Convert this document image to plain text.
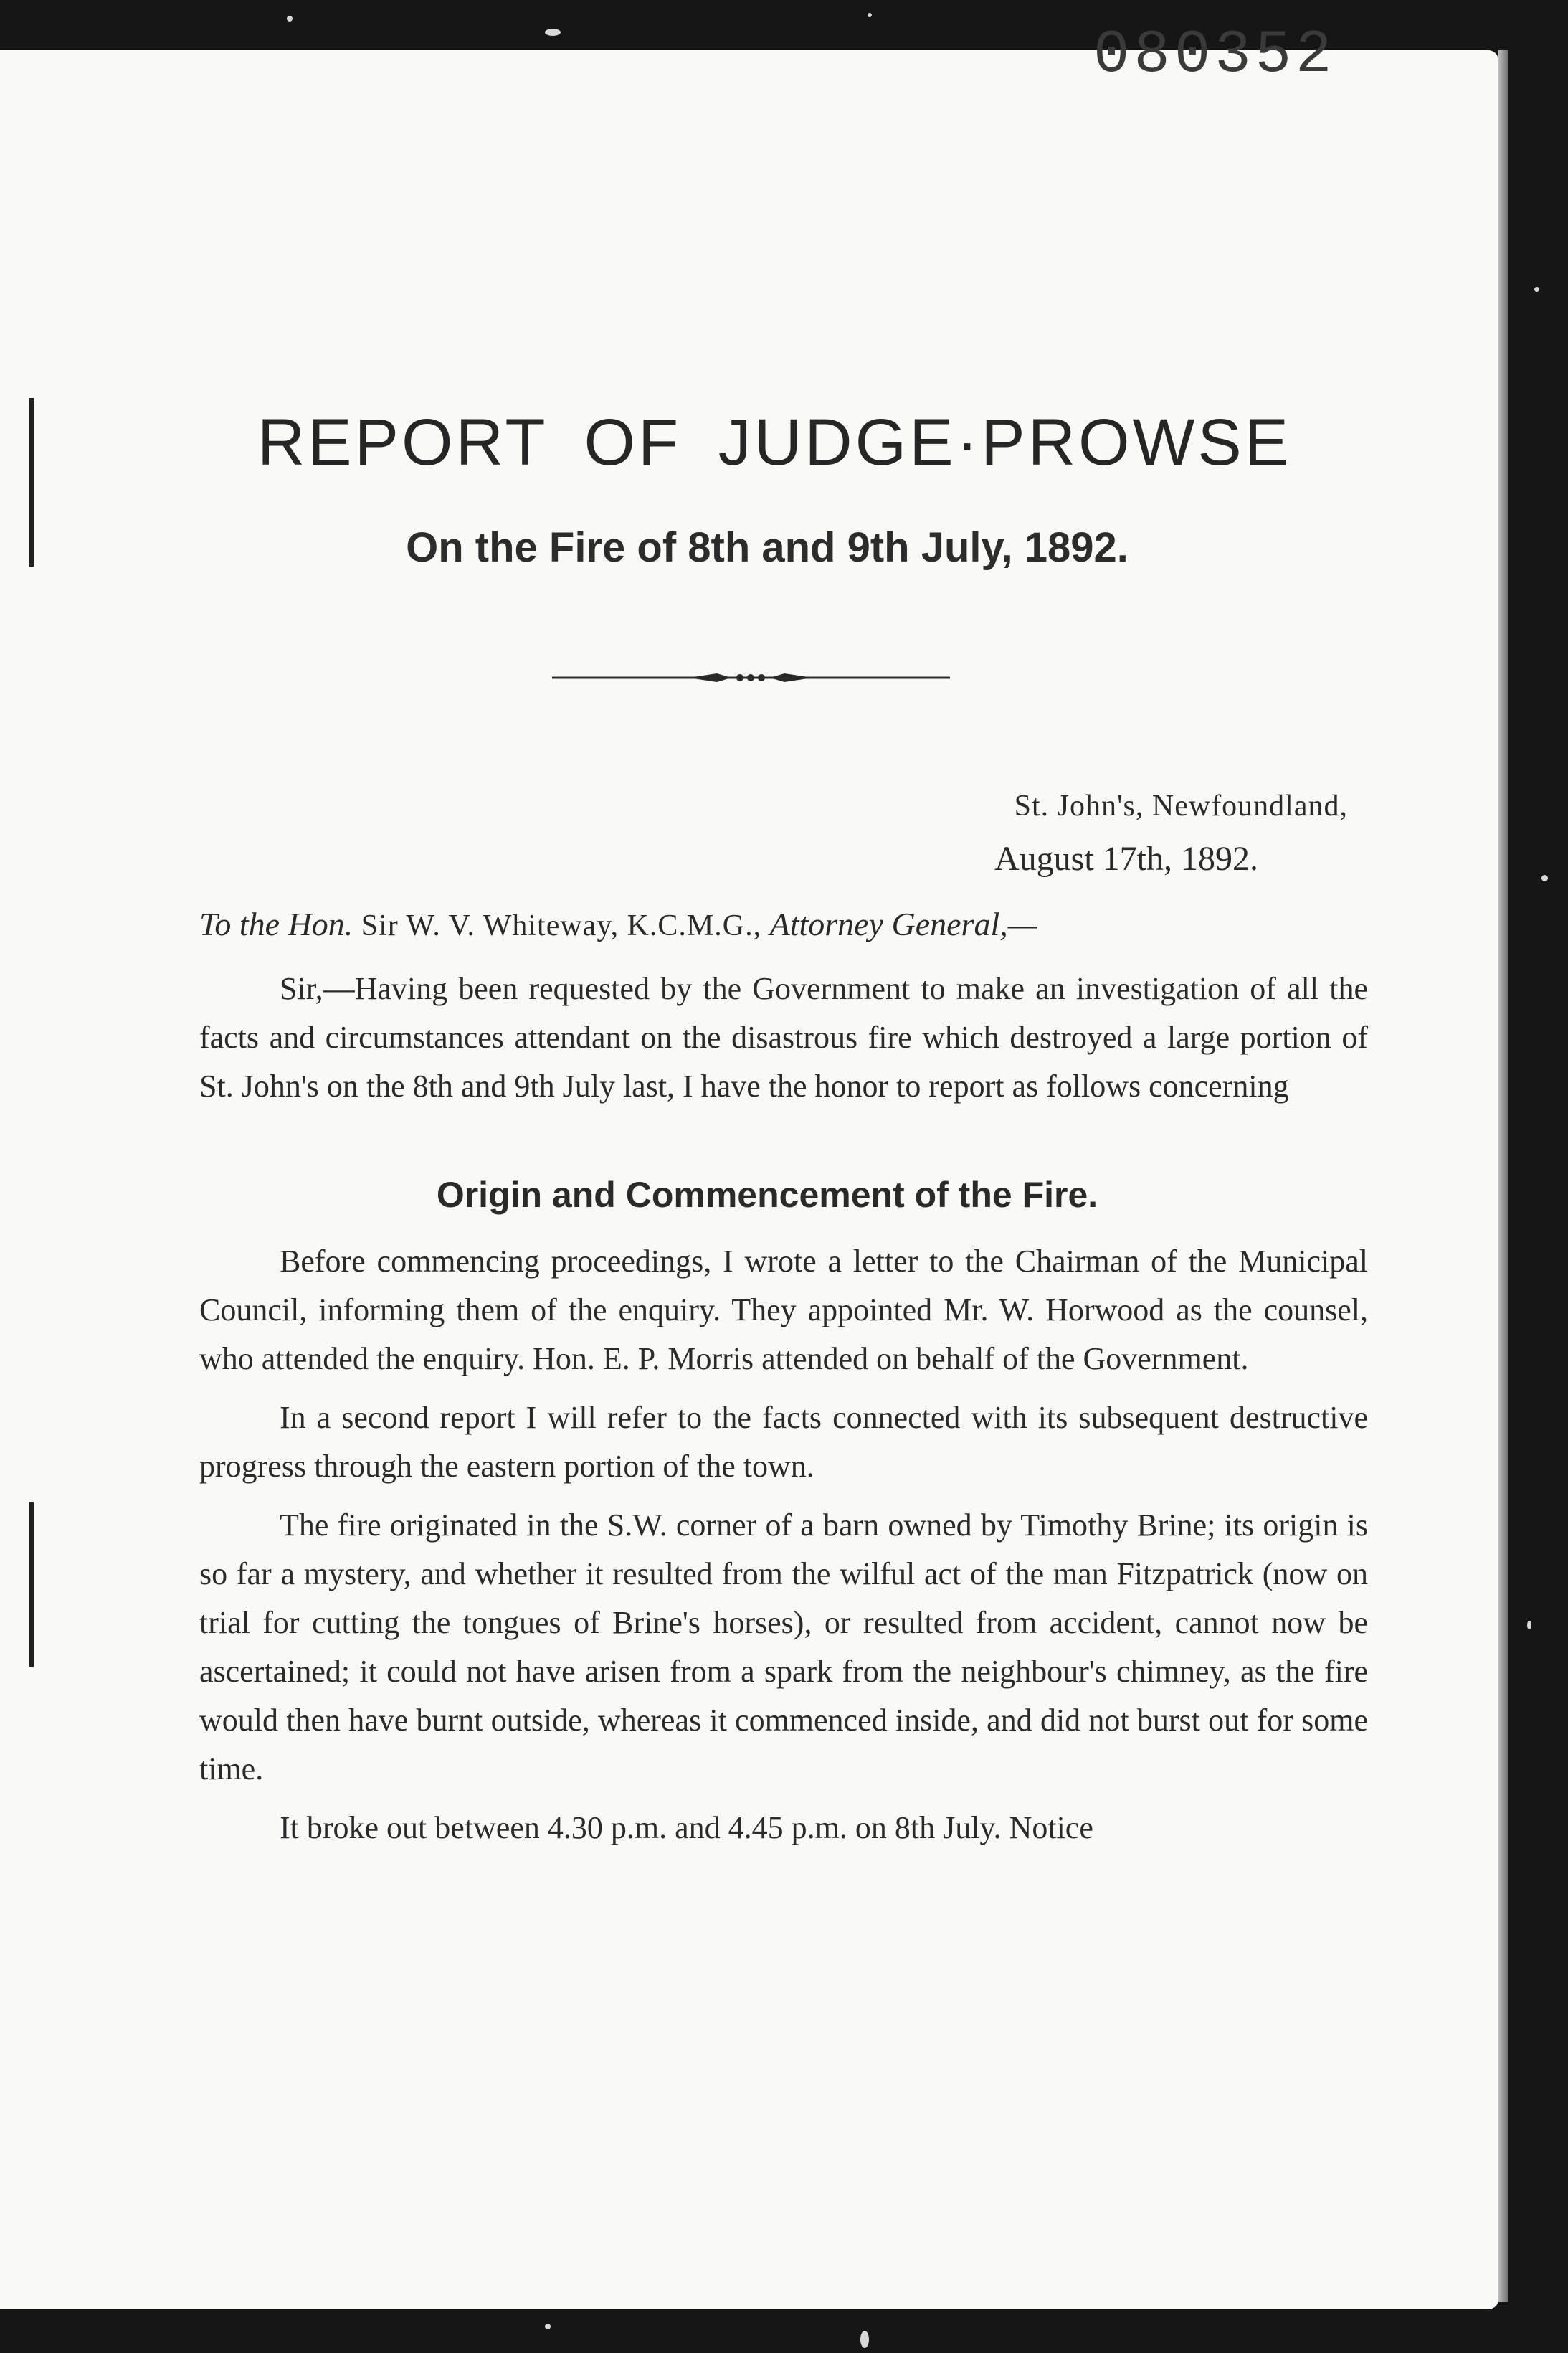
080352
REPORT OF JUDGE·PROWSE
On the Fire of 8th and 9th July, 1892.
St. John's, Newfoundland,
August 17th, 1892.
To the Hon. Sir W. V. Whiteway, K.C.M.G., Attorney General,—

Sir,—Having been requested by the Government to make an investigation of all the facts and circumstances attendant on the disastrous fire which destroyed a large portion of St. John's on the 8th and 9th July last, I have the honor to report as follows concerning

Origin and Commencement of the Fire.

Before commencing proceedings, I wrote a letter to the Chairman of the Municipal Council, informing them of the enquiry. They appointed Mr. W. Horwood as the counsel, who attended the enquiry. Hon. E. P. Morris attended on behalf of the Government.

In a second report I will refer to the facts connected with its subsequent destructive progress through the eastern portion of the town.

The fire originated in the S.W. corner of a barn owned by Timothy Brine; its origin is so far a mystery, and whether it resulted from the wilful act of the man Fitzpatrick (now on trial for cutting the tongues of Brine's horses), or resulted from accident, cannot now be ascertained; it could not have arisen from a spark from the neighbour's chimney, as the fire would then have burnt outside, whereas it commenced inside, and did not burst out for some time.

It broke out between 4.30 p.m. and 4.45 p.m. on 8th July. Notice
